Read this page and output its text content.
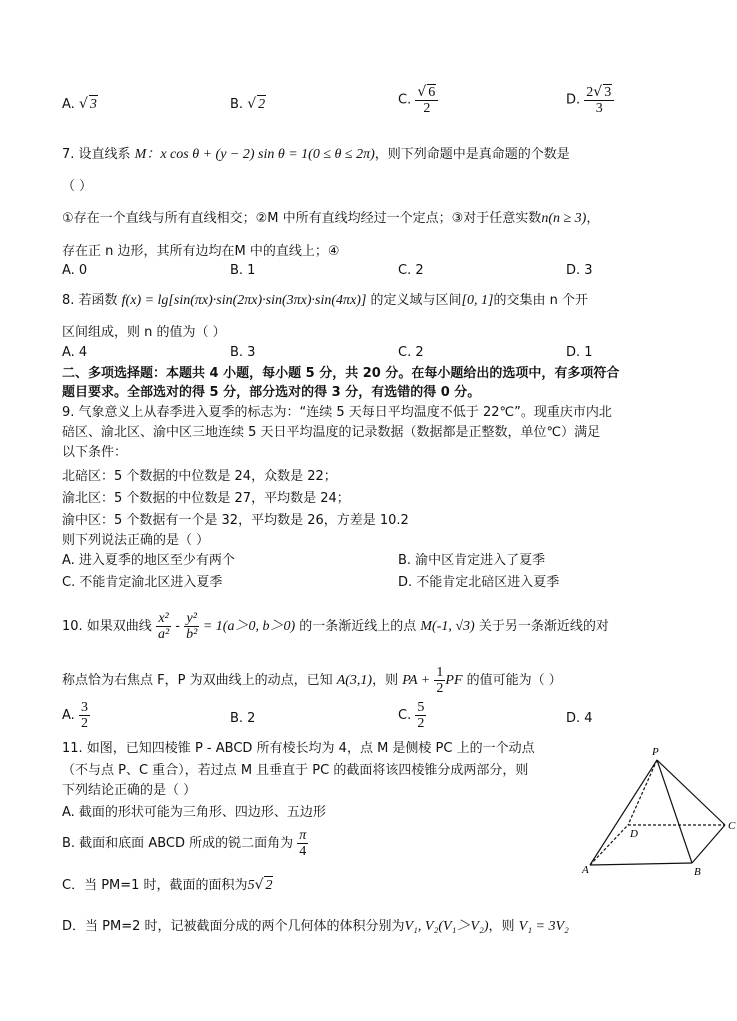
A. √ 3	B. √ 2	C. $\frac{√ 6}{2}$	D. $\frac{2√ 3}{3}$
7. 设直线系 M：x cos θ + (y − 2) sin θ = 1(0 ≤ θ ≤ 2π)，则下列命题中是真命题的个数是
（ ）
①存在一个直线与所有直线相交；②M 中所有直线均经过一个定点；③对于任意实数n(n ≥ 3)，
存在正 n 边形，其所有边均在M 中的直线上；④
A. 0	B. 1	C. 2	D. 3
8. 若函数 f(x) = lg[sin(πx)·sin(2πx)·sin(3πx)·sin(4πx)] 的定义域与区间[0, 1]的交集由 n 个开
区间组成，则 n 的值为（ ）
A. 4	B. 3	C. 2	D. 1
二、多项选择题：本题共 4 小题，每小题 5 分，共 20 分。在每小题给出的选项中，有多项符合
题目要求。全部选对的得 5 分，部分选对的得 3 分，有选错的得 0 分。
9. 气象意义上从春季进入夏季的标志为：“连续 5 天每日平均温度不低于 22℃”。现重庆市内北
碚区、渝北区、渝中区三地连续 5 天日平均温度的记录数据（数据都是正整数，单位℃）满足
以下条件：
北碚区：5 个数据的中位数是 24，众数是 22；
渝北区：5 个数据的中位数是 27，平均数是 24；
渝中区：5 个数据有一个是 32，平均数是 26，方差是 10.2
则下列说法正确的是（ ）
A. 进入夏季的地区至少有两个	B. 渝中区肯定进入了夏季
C. 不能肯定渝北区进入夏季	D. 不能肯定北碚区进入夏季
10. 如果双曲线 $\frac{\text{x²}}{\text{a²}} - \frac{\text{y²}}{\text{b²}} = 1(a>0$, b＞0) 的一条渐近线上的点 M(-1, √3) 关于另一条渐近线的对
称点恰为右焦点 F，P 为双曲线上的动点，已知 A(3,1)，则 PA + $\frac{1}{2}$ PF 的值可能为（ ）
A. $\frac{3}{2}$	B. 2	C. $\frac{5}{2}$	D. 4
11. 如图，已知四棱锥 P - ABCD 所有棱长均为 4，点 M 是侧棱 PC 上的一个动点
（不与点 P、C 重合），若过点 M 且垂直于 PC 的截面将该四棱锥分成两部分，则
下列结论正确的是（ ）
A. 截面的形状可能为三角形、四边形、五边形
B. 截面和底面 ABCD 所成的锐二面角为 $\frac{\pi}{4}$
C．当 PM=1 时，截面的面积为5√ 2
D．当 PM=2 时，记被截面分成的两个几何体的体积分别为V₁, V₂(V₁＞V₂)，则 V₁ = 3V₂
P
A	B
C
D
